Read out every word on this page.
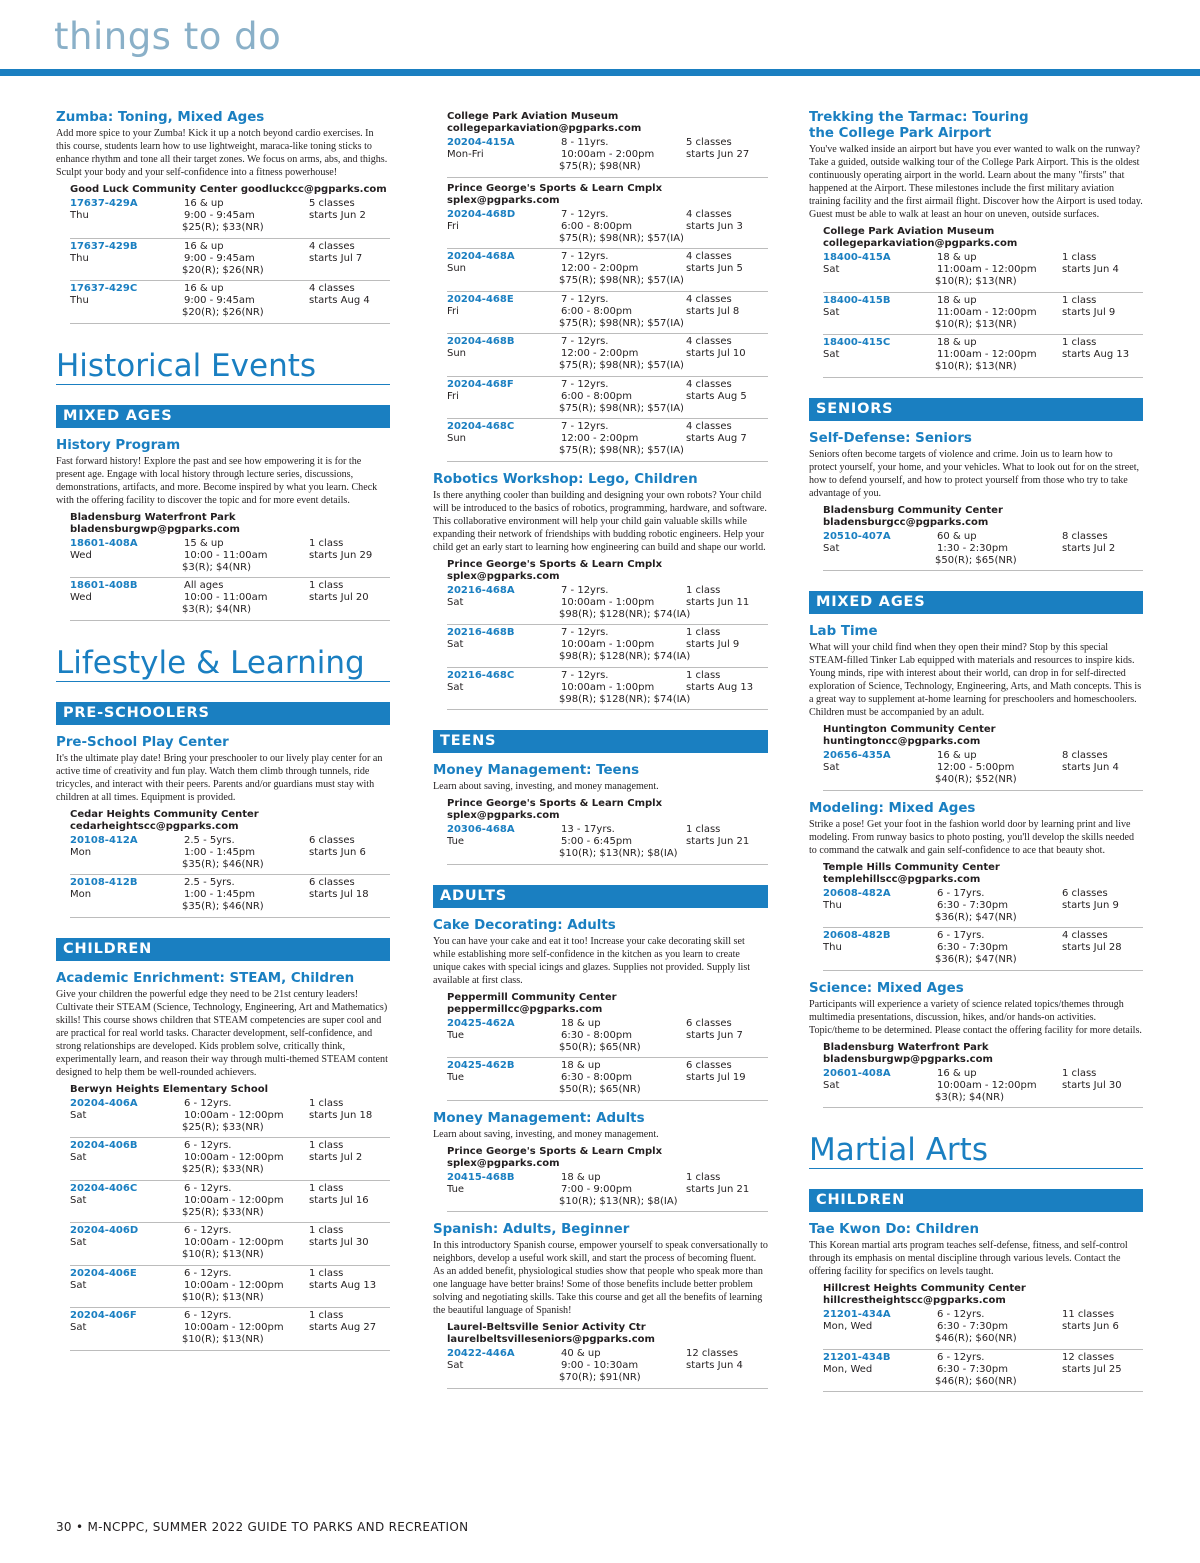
things to do
Zumba: Toning, Mixed Ages
Add more spice to your Zumba! Kick it up a notch beyond cardio exercises. In this course, students learn how to use lightweight, maraca-like toning sticks to enhance rhythm and tone all their target zones. We focus on arms, abs, and thighs. Sculpt your body and your self-confidence into a fitness powerhouse!
Good Luck Community Center goodluckcc@pgparks.com
17637-429A
Thu
16 & up
9:00 - 9:45am
$25(R); $33(NR)
5 classes
starts Jun 2
17637-429B
Thu
16 & up
9:00 - 9:45am
$20(R); $26(NR)
4 classes
starts Jul 7
17637-429C
Thu
16 & up
9:00 - 9:45am
$20(R); $26(NR)
4 classes
starts Aug 4
Historical Events
MIXED AGES
History Program
Fast forward history! Explore the past and see how empowering it is for the present age. Engage with local history through lecture series, discussions, demonstrations, artifacts, and more. Become inspired by what you learn. Check with the offering facility to discover the topic and for more event details.
Bladensburg Waterfront Park
bladensburgwp@pgparks.com
18601-408A
Wed
15 & up
10:00 - 11:00am
$3(R); $4(NR)
1 class
starts Jun 29
18601-408B
Wed
All ages
10:00 - 11:00am
$3(R); $4(NR)
1 class
starts Jul 20
Lifestyle & Learning
PRE-SCHOOLERS
Pre-School Play Center
It's the ultimate play date! Bring your preschooler to our lively play center for an active time of creativity and fun play. Watch them climb through tunnels, ride tricycles, and interact with their peers. Parents and/or guardians must stay with children at all times. Equipment is provided.
Cedar Heights Community Center
cedarheightscc@pgparks.com
20108-412A
Mon
2.5 - 5yrs.
1:00 - 1:45pm
$35(R); $46(NR)
6 classes
starts Jun 6
20108-412B
Mon
2.5 - 5yrs.
1:00 - 1:45pm
$35(R); $46(NR)
6 classes
starts Jul 18
CHILDREN
Academic Enrichment: STEAM, Children
Give your children the powerful edge they need to be 21st century leaders! Cultivate their STEAM (Science, Technology, Engineering, Art and Mathematics) skills! This course shows children that STEAM competencies are super cool and are practical for real world tasks. Character development, self-confidence, and strong relationships are developed. Kids problem solve, critically think, experimentally learn, and reason their way through multi-themed STEAM content designed to help them be well-rounded achievers.
Berwyn Heights Elementary School
20204-406A
Sat
6 - 12yrs.
10:00am - 12:00pm
$25(R); $33(NR)
1 class
starts Jun 18
20204-406B
Sat
6 - 12yrs.
10:00am - 12:00pm
$25(R); $33(NR)
1 class
starts Jul 2
20204-406C
Sat
6 - 12yrs.
10:00am - 12:00pm
$25(R); $33(NR)
1 class
starts Jul 16
20204-406D
Sat
6 - 12yrs.
10:00am - 12:00pm
$10(R); $13(NR)
1 class
starts Jul 30
20204-406E
Sat
6 - 12yrs.
10:00am - 12:00pm
$10(R); $13(NR)
1 class
starts Aug 13
20204-406F
Sat
6 - 12yrs.
10:00am - 12:00pm
$10(R); $13(NR)
1 class
starts Aug 27
College Park Aviation Museum
collegeparkaviation@pgparks.com
20204-415A
Mon-Fri
8 - 11yrs.
10:00am - 2:00pm
$75(R); $98(NR)
5 classes
starts Jun 27
Prince George's Sports & Learn Cmplx
splex@pgparks.com
20204-468D
Fri
7 - 12yrs.
6:00 - 8:00pm
$75(R); $98(NR); $57(IA)
4 classes
starts Jun 3
20204-468A
Sun
7 - 12yrs.
12:00 - 2:00pm
$75(R); $98(NR); $57(IA)
4 classes
starts Jun 5
20204-468E
Fri
7 - 12yrs.
6:00 - 8:00pm
$75(R); $98(NR); $57(IA)
4 classes
starts Jul 8
20204-468B
Sun
7 - 12yrs.
12:00 - 2:00pm
$75(R); $98(NR); $57(IA)
4 classes
starts Jul 10
20204-468F
Fri
7 - 12yrs.
6:00 - 8:00pm
$75(R); $98(NR); $57(IA)
4 classes
starts Aug 5
20204-468C
Sun
7 - 12yrs.
12:00 - 2:00pm
$75(R); $98(NR); $57(IA)
4 classes
starts Aug 7
Robotics Workshop: Lego, Children
Is there anything cooler than building and designing your own robots? Your child will be introduced to the basics of robotics, programming, hardware, and software. This collaborative environment will help your child gain valuable skills while expanding their network of friendships with budding robotic engineers. Help your child get an early start to learning how engineering can build and shape our world.
Prince George's Sports & Learn Cmplx
splex@pgparks.com
20216-468A
Sat
7 - 12yrs.
10:00am - 1:00pm
$98(R); $128(NR); $74(IA)
1 class
starts Jun 11
20216-468B
Sat
7 - 12yrs.
10:00am - 1:00pm
$98(R); $128(NR); $74(IA)
1 class
starts Jul 9
20216-468C
Sat
7 - 12yrs.
10:00am - 1:00pm
$98(R); $128(NR); $74(IA)
1 class
starts Aug 13
TEENS
Money Management: Teens
Learn about saving, investing, and money management.
Prince George's Sports & Learn Cmplx
splex@pgparks.com
20306-468A
Tue
13 - 17yrs.
5:00 - 6:45pm
$10(R); $13(NR); $8(IA)
1 class
starts Jun 21
ADULTS
Cake Decorating: Adults
You can have your cake and eat it too! Increase your cake decorating skill set while establishing more self-confidence in the kitchen as you learn to create unique cakes with special icings and glazes. Supplies not provided. Supply list available at first class.
Peppermill Community Center
peppermillcc@pgparks.com
20425-462A
Tue
18 & up
6:30 - 8:00pm
$50(R); $65(NR)
6 classes
starts Jun 7
20425-462B
Tue
18 & up
6:30 - 8:00pm
$50(R); $65(NR)
6 classes
starts Jul 19
Money Management: Adults
Learn about saving, investing, and money management.
Prince George's Sports & Learn Cmplx
splex@pgparks.com
20415-468B
Tue
18 & up
7:00 - 9:00pm
$10(R); $13(NR); $8(IA)
1 class
starts Jun 21
Spanish: Adults, Beginner
In this introductory Spanish course, empower yourself to speak conversationally to neighbors, develop a useful work skill, and start the process of becoming fluent. As an added benefit, physiological studies show that people who speak more than one language have better brains! Some of those benefits include better problem solving and negotiating skills. Take this course and get all the benefits of learning the beautiful language of Spanish!
Laurel-Beltsville Senior Activity Ctr
laurelbeltsvilleseniors@pgparks.com
20422-446A
Sat
40 & up
9:00 - 10:30am
$70(R); $91(NR)
12 classes
starts Jun 4
Trekking the Tarmac: Touring
the College Park Airport
You've walked inside an airport but have you ever wanted to walk on the runway? Take a guided, outside walking tour of the College Park Airport. This is the oldest continuously operating airport in the world. Learn about the many "firsts" that happened at the Airport. These milestones include the first military aviation training facility and the first airmail flight. Discover how the Airport is used today. Guest must be able to walk at least an hour on uneven, outside surfaces.
College Park Aviation Museum
collegeparkaviation@pgparks.com
18400-415A
Sat
18 & up
11:00am - 12:00pm
$10(R); $13(NR)
1 class
starts Jun 4
18400-415B
Sat
18 & up
11:00am - 12:00pm
$10(R); $13(NR)
1 class
starts Jul 9
18400-415C
Sat
18 & up
11:00am - 12:00pm
$10(R); $13(NR)
1 class
starts Aug 13
SENIORS
Self-Defense: Seniors
Seniors often become targets of violence and crime. Join us to learn how to protect yourself, your home, and your vehicles. What to look out for on the street, how to defend yourself, and how to protect yourself from those who try to take advantage of you.
Bladensburg Community Center
bladensburgcc@pgparks.com
20510-407A
Sat
60 & up
1:30 - 2:30pm
$50(R); $65(NR)
8 classes
starts Jul 2
MIXED AGES
Lab Time
What will your child find when they open their mind? Stop by this special STEAM-filled Tinker Lab equipped with materials and resources to inspire kids. Young minds, ripe with interest about their world, can drop in for self-directed exploration of Science, Technology, Engineering, Arts, and Math concepts. This is a great way to supplement at-home learning for preschoolers and homeschoolers. Children must be accompanied by an adult.
Huntington Community Center
huntingtoncc@pgparks.com
20656-435A
Sat
16 & up
12:00 - 5:00pm
$40(R); $52(NR)
8 classes
starts Jun 4
Modeling: Mixed Ages
Strike a pose! Get your foot in the fashion world door by learning print and live modeling. From runway basics to photo posting, you'll develop the skills needed to command the catwalk and gain self-confidence to ace that beauty shot.
Temple Hills Community Center
templehillscc@pgparks.com
20608-482A
Thu
6 - 17yrs.
6:30 - 7:30pm
$36(R); $47(NR)
6 classes
starts Jun 9
20608-482B
Thu
6 - 17yrs.
6:30 - 7:30pm
$36(R); $47(NR)
4 classes
starts Jul 28
Science: Mixed Ages
Participants will experience a variety of science related topics/themes through multimedia presentations, discussion, hikes, and/or hands-on activities. Topic/theme to be determined. Please contact the offering facility for more details.
Bladensburg Waterfront Park
bladensburgwp@pgparks.com
20601-408A
Sat
16 & up
10:00am - 12:00pm
$3(R); $4(NR)
1 class
starts Jul 30
Martial Arts
CHILDREN
Tae Kwon Do: Children
This Korean martial arts program teaches self-defense, fitness, and self-control through its emphasis on mental discipline through various levels. Contact the offering facility for specifics on levels taught.
Hillcrest Heights Community Center
hillcrestheightscc@pgparks.com
21201-434A
Mon, Wed
6 - 12yrs.
6:30 - 7:30pm
$46(R); $60(NR)
11 classes
starts Jun 6
21201-434B
Mon, Wed
6 - 12yrs.
6:30 - 7:30pm
$46(R); $60(NR)
12 classes
starts Jul 25
30 • M-NCPPC, SUMMER 2022 GUIDE TO PARKS AND RECREATION
